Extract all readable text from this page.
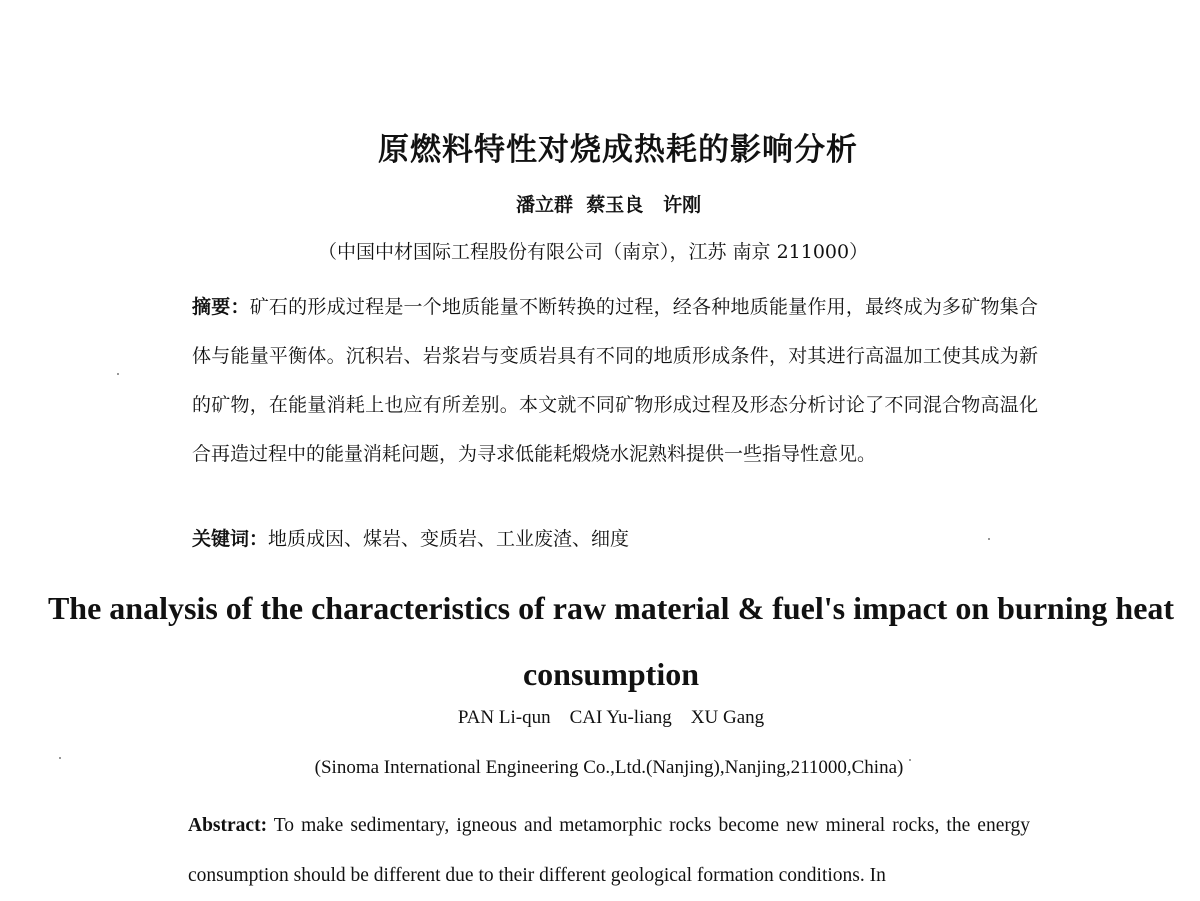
原燃料特性对烧成热耗的影响分析
潘立群  蔡玉良   许刚
（中国中材国际工程股份有限公司（南京），江苏 南京 211000）

摘要：矿石的形成过程是一个地质能量不断转换的过程，经各种地质能量作用，最终成为多矿物集合体与能量平衡体。沉积岩、岩浆岩与变质岩具有不同的地质形成条件，对其进行高温加工使其成为新的矿物，在能量消耗上也应有所差别。本文就不同矿物形成过程及形态分析讨论了不同混合物高温化合再造过程中的能量消耗问题，为寻求低能耗煅烧水泥熟料提供一些指导性意见。

关键词：地质成因、煤岩、变质岩、工业废渣、细度
The analysis of the characteristics of raw material & fuel's impact on burning heat consumption
PAN Li-qun    CAI Yu-liang    XU Gang
(Sinoma International Engineering Co.,Ltd.(Nanjing),Nanjing,211000,China)

Abstract: To make sedimentary, igneous and metamorphic rocks become new mineral rocks, the energy consumption should be different due to their different geological formation conditions. In
